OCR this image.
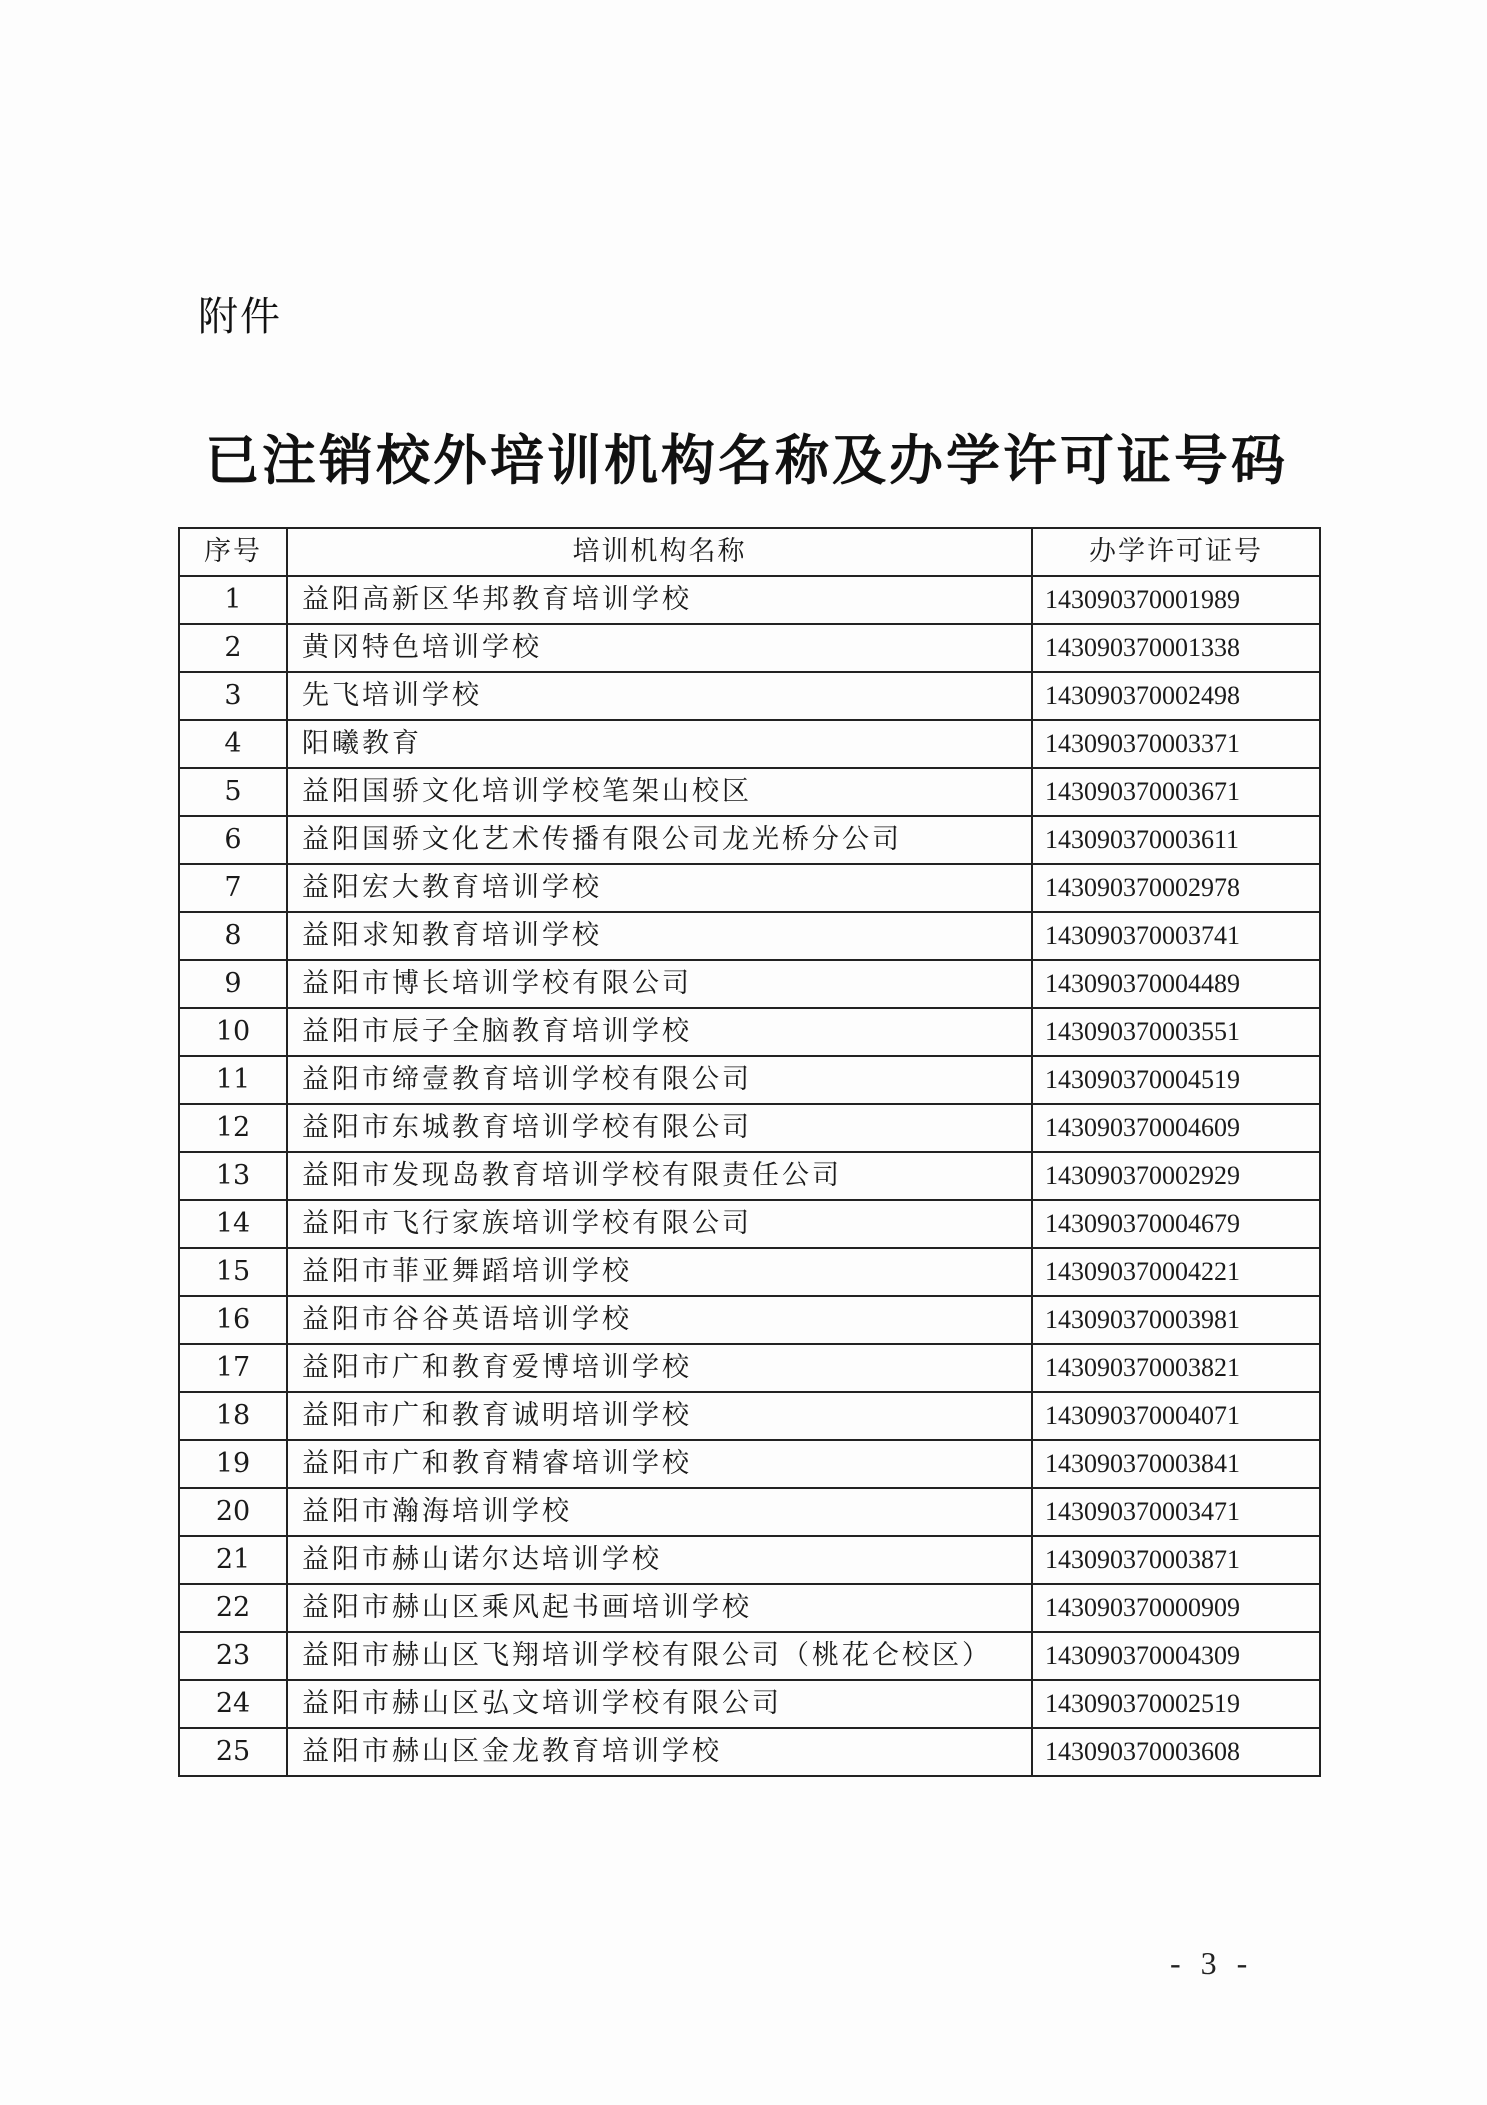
附件
已注销校外培训机构名称及办学许可证号码
序号	培训机构名称	办学许可证号
1	益阳高新区华邦教育培训学校	143090370001989
2	黄冈特色培训学校	143090370001338
3	先飞培训学校	143090370002498
4	阳曦教育	143090370003371
5	益阳国骄文化培训学校笔架山校区	143090370003671
6	益阳国骄文化艺术传播有限公司龙光桥分公司	143090370003611
7	益阳宏大教育培训学校	143090370002978
8	益阳求知教育培训学校	143090370003741
9	益阳市博长培训学校有限公司	143090370004489
10	益阳市辰子全脑教育培训学校	143090370003551
11	益阳市缔壹教育培训学校有限公司	143090370004519
12	益阳市东城教育培训学校有限公司	143090370004609
13	益阳市发现岛教育培训学校有限责任公司	143090370002929
14	益阳市飞行家族培训学校有限公司	143090370004679
15	益阳市菲亚舞蹈培训学校	143090370004221
16	益阳市谷谷英语培训学校	143090370003981
17	益阳市广和教育爱博培训学校	143090370003821
18	益阳市广和教育诚明培训学校	143090370004071
19	益阳市广和教育精睿培训学校	143090370003841
20	益阳市瀚海培训学校	143090370003471
21	益阳市赫山诺尔达培训学校	143090370003871
22	益阳市赫山区乘风起书画培训学校	143090370000909
23	益阳市赫山区飞翔培训学校有限公司（桃花仑校区）	143090370004309
24	益阳市赫山区弘文培训学校有限公司	143090370002519
25	益阳市赫山区金龙教育培训学校	143090370003608
- 3 -
